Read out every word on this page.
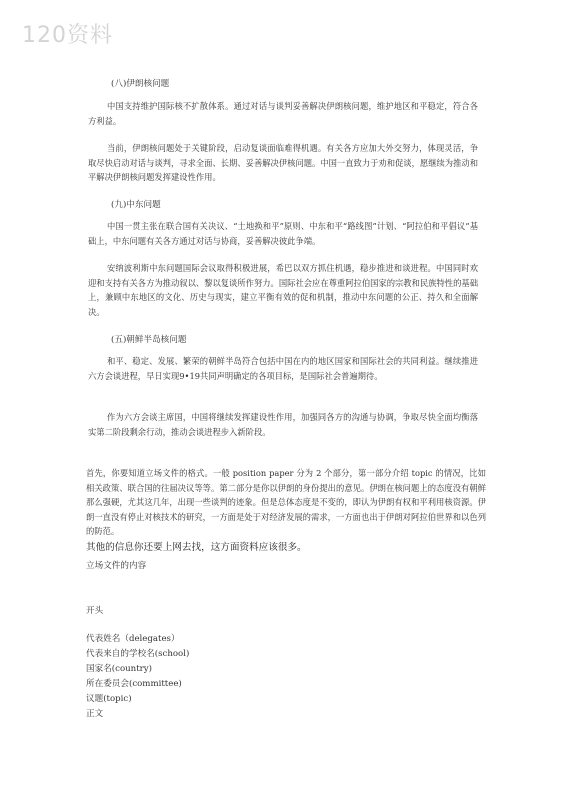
120资料
(八)伊朗核问题

中国支持维护国际核不扩散体系。通过对话与谈判妥善解决伊朗核问题，维护地区和平稳定，符合各方利益。

当前，伊朗核问题处于关键阶段，启动复谈面临难得机遇。有关各方应加大外交努力，体现灵活，争取尽快启动对话与谈判，寻求全面、长期、妥善解决伊核问题。中国一直致力于劝和促谈，愿继续为推动和平解决伊朗核问题发挥建设性作用。

(九)中东问题

中国一贯主张在联合国有关决议、“土地换和平”原则、中东和平“路线图”计划、“阿拉伯和平倡议”基础上，中东问题有关各方通过对话与协商，妥善解决彼此争端。

安纳波利斯中东问题国际会议取得积极进展，希巴以双方抓住机遇，稳步推进和谈进程。中国同时欢迎和支持有关各方为推动叙以、黎以复谈所作努力。国际社会应在尊重阿拉伯国家的宗教和民族特性的基础上，兼顾中东地区的文化、历史与现实，建立平衡有效的促和机制，推动中东问题的公正、持久和全面解决。

(五)朝鲜半岛核问题

和平、稳定、发展、繁荣的朝鲜半岛符合包括中国在内的地区国家和国际社会的共同利益。继续推进六方会谈进程，早日实现9•19共同声明确定的各项目标，是国际社会普遍期待。

作为六方会谈主席国，中国将继续发挥建设性作用，加强同各方的沟通与协调，争取尽快全面均衡落实第二阶段剩余行动，推动会谈进程步入新阶段。

首先，你要知道立场文件的格式。一般 position paper 分为 2 个部分，第一部分介绍 topic 的情况，比如相关政策、联合国的往届决议等等。第二部分是你以伊朗的身份提出的意见。伊朗在核问题上的态度没有朝鲜那么强硬，尤其这几年，出现一些谈判的迹象。但是总体态度是不变的，即认为伊朗有权和平利用核资源。伊朗一直没有停止对核技术的研究，一方面是处于对经济发展的需求，一方面也出于伊朗对阿拉伯世界和以色列的防范。

其他的信息你还要上网去找，这方面资料应该很多。

立场文件的内容
开头
代表姓名（delegates）
代表来自的学校名(school)
国家名(country)
所在委员会(committee)
议题(topic)
正文
